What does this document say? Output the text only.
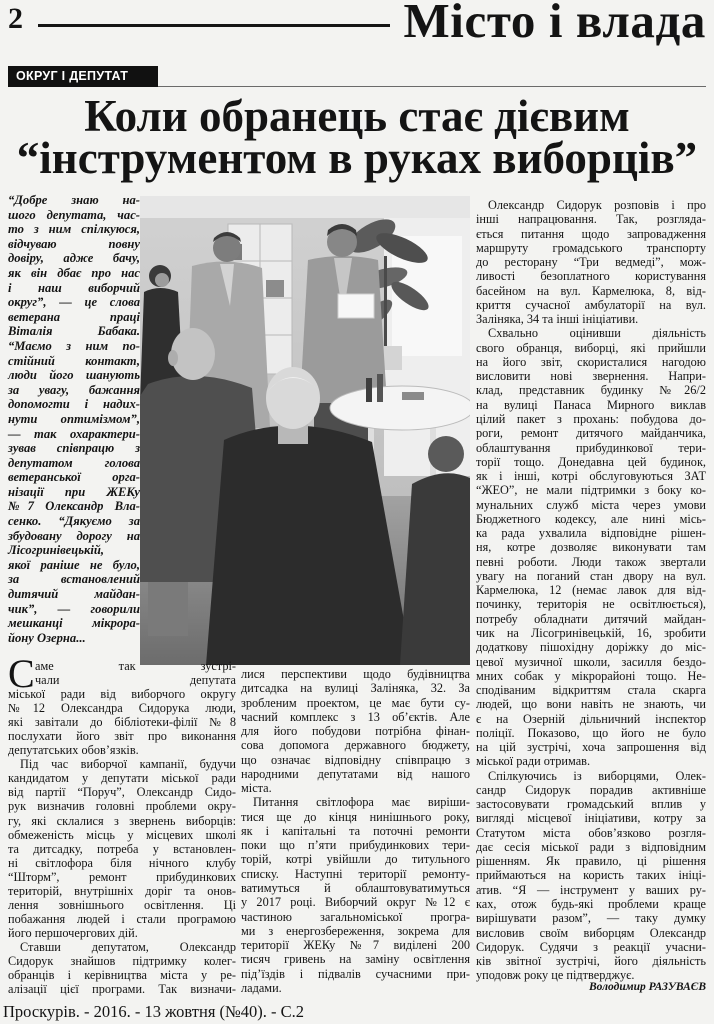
2	Місто і влада
ОКРУГ І ДЕПУТАТ
Коли обранець стає дієвим
“інструментом в руках виборців”
“Добре знаю на-
шого депутата, час-
то з ним спілкуюся,
відчуваю повну
довіру, адже бачу,
як він дбає про нас
і наш виборчий
округ”, — це слова
ветерана праці
Віталія Бабака.
“Маємо з ним по-
стійний контакт,
люди його шанують
за увагу, бажання
допомогти і надих-
нути оптимізмом”,
— так охарактери-
зував співпрацю з
депутатом голова
ветеранської орга-
нізації при ЖЕКу
№7 Олександр Вла-
сенко. “Дякуємо за
збудовану дорогу на
Лісогринівецькій,
якої раніше не було,
за встановлений
дитячий майдан-
чик”, — говорили
мешканці мікрора-
йону Озерна...
Олександр Сидорук розповів і про
інші напрацювання. Так, розгляда-
ється питання щодо запровадження
маршруту громадського транспорту
до ресторану “Три ведмеді”, мож-
ливості безоплатного користування
басейном на вул. Кармелюка, 8, від-
криття сучасної амбулаторії на вул.
Заліняка, 34 та інші ініціативи.
Схвально оцінивши діяльність
свого обранця, виборці, які прийшли
на його звіт, скористалися нагодою
висловити нові звернення. Напри-
клад, представник будинку №26/2
на вулиці Панаса Мирного виклав
цілий пакет з прохань: побудова до-
роги, ремонт дитячого майданчика,
облаштування прибудинкової тери-
торії тощо. Донедавна цей будинок,
як і інші, котрі обслуговуються ЗАТ
“ЖЕО”, не мали підтримки з боку ко-
мунальних служб міста через умови
Бюджетного кодексу, але нині місь-
ка рада ухвалила відповідне рішен-
ня, котре дозволяє виконувати там
певні роботи. Люди також звертали
увагу на поганий стан двору на вул.
Кармелюка, 12 (немає лавок для від-
починку, територія не освітлюється),
потребу обладнати дитячий майдан-
чик на Лісогринівецькій, 16, зробити
додаткову пішохідну доріжку до міс-
цевої музичної школи, засилля бездо-
мних собак у мікрорайоні тощо. Не-
сподіваним відкриттям стала скарга
людей, що вони навіть не знають, чи
є на Озерній дільничний інспектор
поліції. Показово, що його не було
на цій зустрічі, хоча запрошення від
міської ради отримав.
Спілкуючись із виборцями, Олек-
сандр Сидорук порадив активніше
застосовувати громадський вплив у
вигляді місцевої ініціативи, котру за
Статутом міста обов’язково розгля-
дає сесія міської ради з відповідним
рішенням. Як правило, ці рішення
приймаються на користь таких ініці-
атив. “Я — інструмент у ваших ру-
ках, отож будь-які проблеми краще
вирішувати разом”, — таку думку
висловив своїм виборцям Олександр
Сидорук. Судячи з реакції учасни-
ків звітної зустрічі, його діяльність
уподовж року це підтверджує.
С аме так зустрі-
чали депутата
міської ради від виборчого округу
№12 Олександра Сидорука люди,
які завітали до бібліотеки-філії №8
послухати його звіт про виконання
депутатських обов’язків.
Під час виборчої кампанії, будучи
кандидатом у депутати міської ради
від партії “Поруч”, Олександр Сидо-
рук визначив головні проблеми окру-
гу, які склалися з звернень виборців:
обмеженість місць у місцевих школі
та дитсадку, потреба у встановлен-
ні світлофора біля нічного клубу
“Шторм”, ремонт прибудинкових
територій, внутрішніх доріг та онов-
лення зовнішнього освітлення. Ці
побажання людей і стали програмою
його першочергових дій.
Ставши депутатом, Олександр
Сидорук знайшов підтримку колег-
обранців і керівництва міста у ре-
алізації цієї програми. Так визначи-
лися перспективи щодо будівництва
дитсадка на вулиці Заліняка, 32. За
зробленим проектом, це має бути су-
часний комплекс з 13 об’єктів. Але
для його побудови потрібна фінан-
сова допомога державного бюджету,
що означає відповідну співпрацю з
народними депутатами від нашого
міста.
Питання світлофора має виріши-
тися ще до кінця нинішнього року,
як і капітальні та поточні ремонти
поки що п’яти прибудинкових тери-
торій, котрі увійшли до титульного
списку. Наступні території ремонту-
ватимуться й облаштовуватимуться
у 2017 році. Виборчий округ №12 є
частиною загальноміської програ-
ми з енергозбереження, зокрема для
території ЖЕКу №7 виділені 200
тисяч гривень на заміну освітлення
під’їздів і підвалів сучасними при-
ладами.	Володимир РАЗУВАЄВ
Проскурів. - 2016. - 13 жовтня (№40). - С.2
